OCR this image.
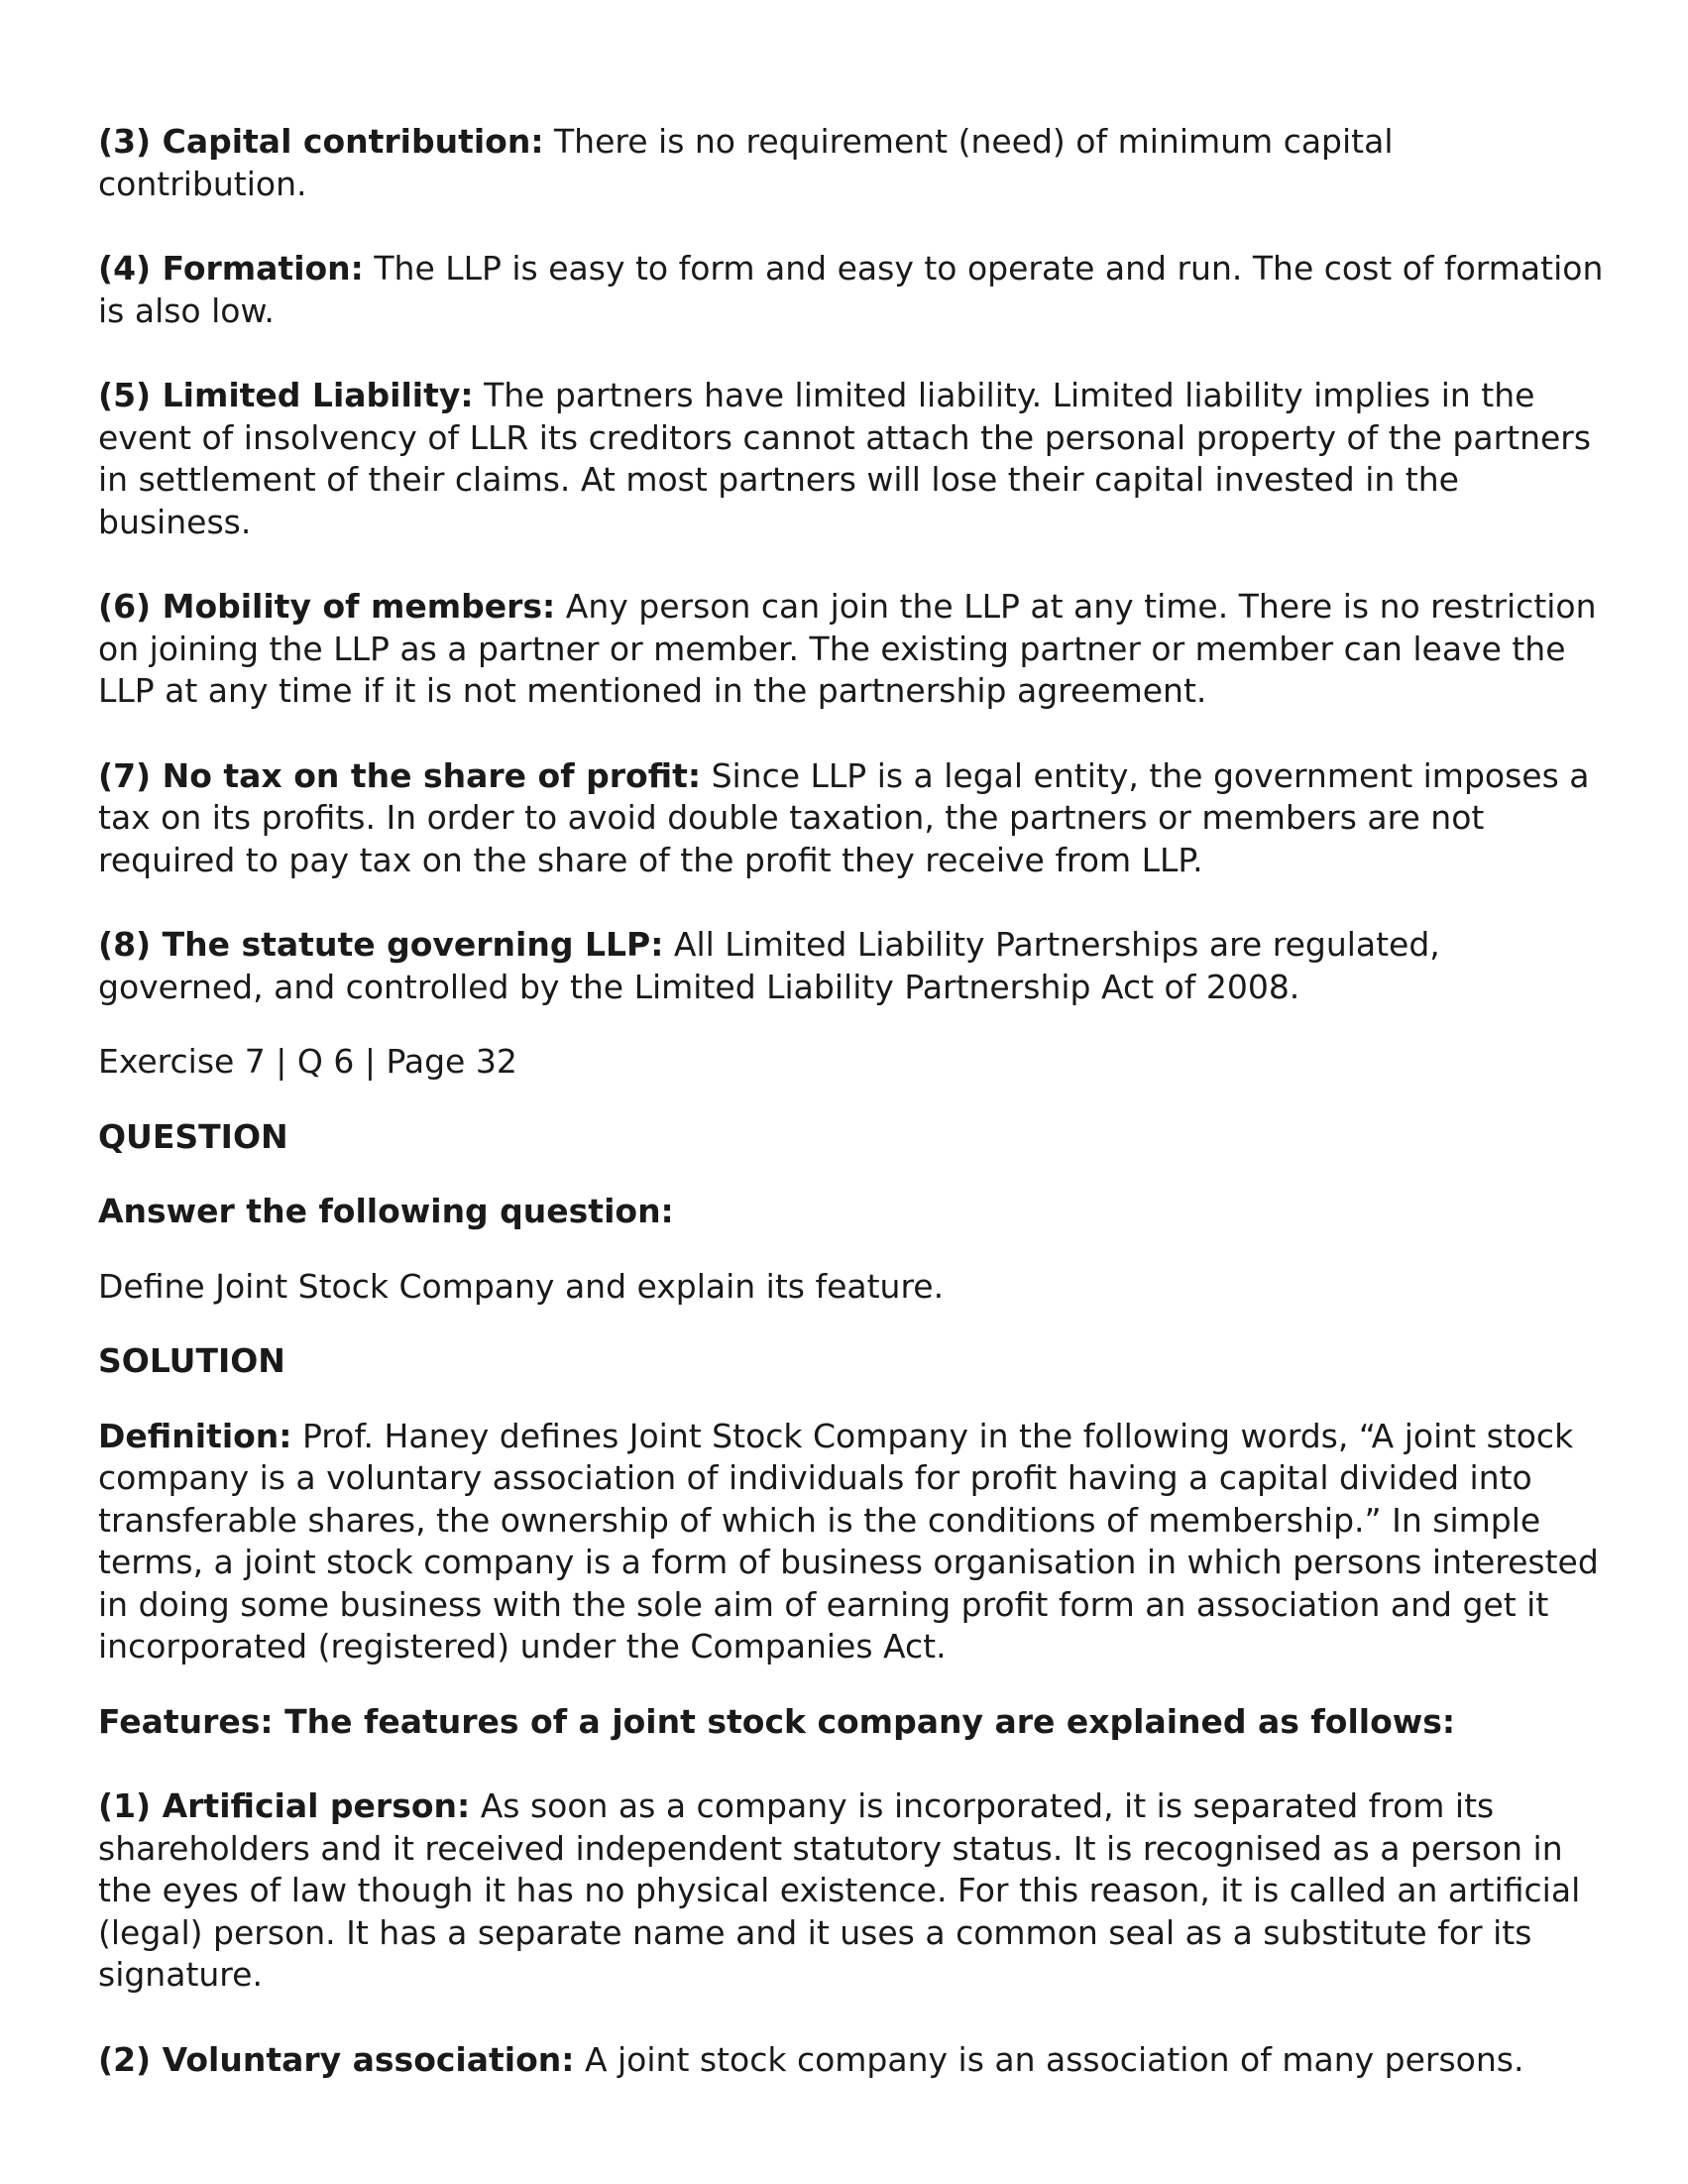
(3) Capital contribution: There is no requirement (need) of minimum capital contribution.

(4) Formation: The LLP is easy to form and easy to operate and run. The cost of formation is also low.

(5) Limited Liability: The partners have limited liability. Limited liability implies in the event of insolvency of LLR its creditors cannot attach the personal property of the partners in settlement of their claims. At most partners will lose their capital invested in the business.

(6) Mobility of members: Any person can join the LLP at any time. There is no restriction on joining the LLP as a partner or member. The existing partner or member can leave the LLP at any time if it is not mentioned in the partnership agreement.

(7) No tax on the share of profit: Since LLP is a legal entity, the government imposes a tax on its profits. In order to avoid double taxation, the partners or members are not required to pay tax on the share of the profit they receive from LLP.

(8) The statute governing LLP: All Limited Liability Partnerships are regulated, governed, and controlled by the Limited Liability Partnership Act of 2008.

Exercise 7 | Q 6 | Page 32

QUESTION

Answer the following question:

Define Joint Stock Company and explain its feature.

SOLUTION

Definition: Prof. Haney defines Joint Stock Company in the following words, “A joint stock company is a voluntary association of individuals for profit having a capital divided into transferable shares, the ownership of which is the conditions of membership.” In simple terms, a joint stock company is a form of business organisation in which persons interested in doing some business with the sole aim of earning profit form an association and get it incorporated (registered) under the Companies Act.

Features: The features of a joint stock company are explained as follows:

(1) Artificial person: As soon as a company is incorporated, it is separated from its shareholders and it received independent statutory status. It is recognised as a person in the eyes of law though it has no physical existence. For this reason, it is called an artificial (legal) person. It has a separate name and it uses a common seal as a substitute for its signature.

(2) Voluntary association: A joint stock company is an association of many persons.
